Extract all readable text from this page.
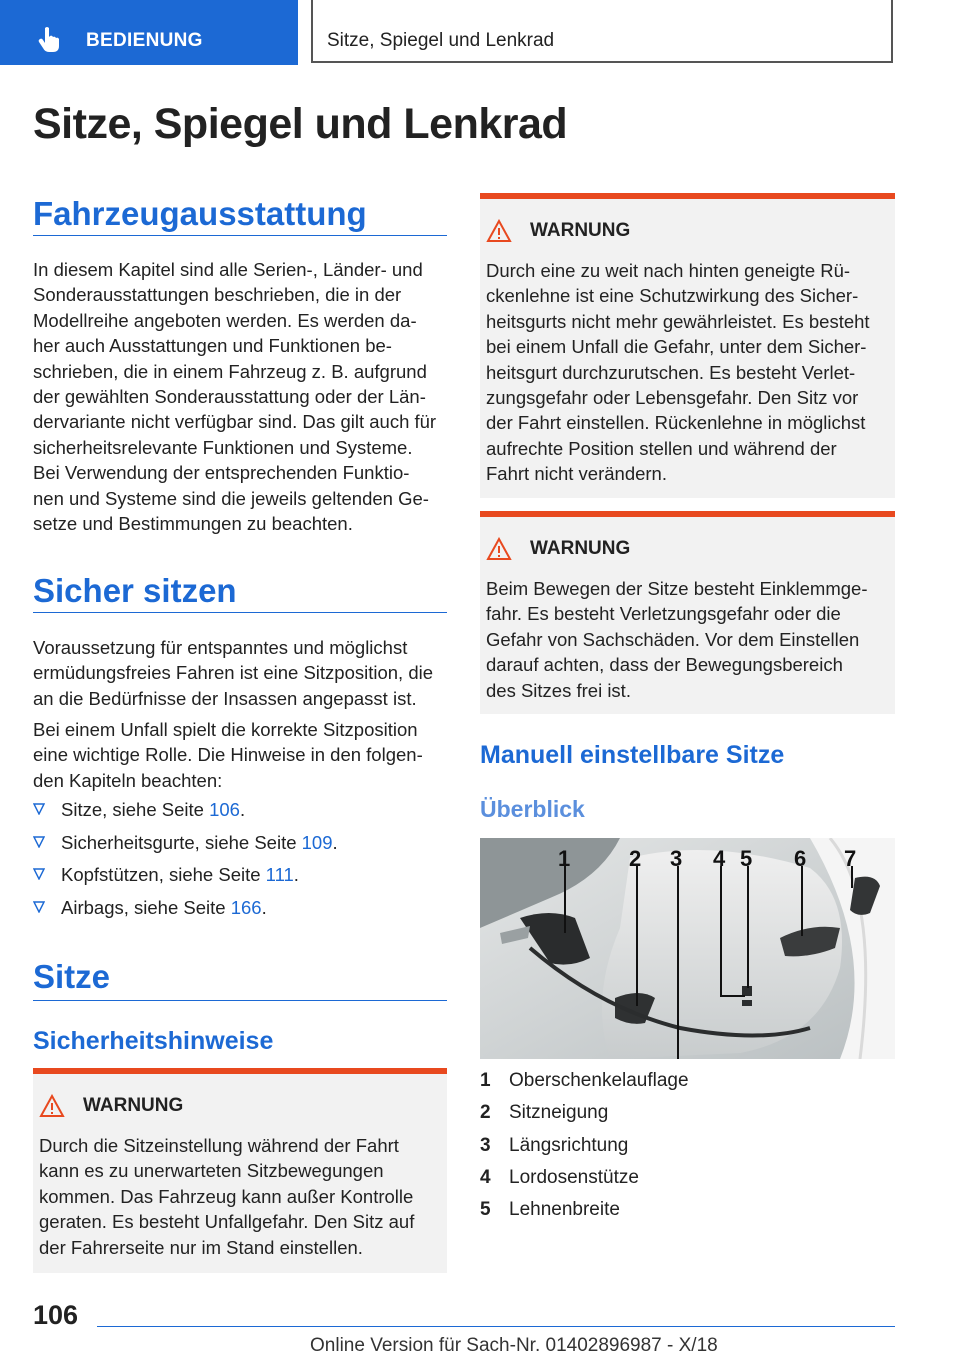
BEDIENUNG	Sitze, Spiegel und Lenkrad
Sitze, Spiegel und Lenkrad
Fahrzeugausstattung

In diesem Kapitel sind alle Serien-, Länder- und
Sonderausstattungen beschrieben, die in der
Modellreihe angeboten werden. Es werden da‐
her auch Ausstattungen und Funktionen be‐
schrieben, die in einem Fahrzeug z. B. aufgrund
der gewählten Sonderausstattung oder der Län‐
dervariante nicht verfügbar sind. Das gilt auch für
sicherheitsrelevante Funktionen und Systeme.
Bei Verwendung der entsprechenden Funktio‐
nen und Systeme sind die jeweils geltenden Ge‐
setze und Bestimmungen zu beachten.

Sicher sitzen

Voraussetzung für entspanntes und möglichst
ermüdungsfreies Fahren ist eine Sitzposition, die
an die Bedürfnisse der Insassen angepasst ist.

Bei einem Unfall spielt die korrekte Sitzposition
eine wichtige Rolle. Die Hinweise in den folgen‐
den Kapiteln beachten:

Sitze, siehe Seite 106.
Sicherheitsgurte, siehe Seite 109.
Kopfstützen, siehe Seite 111.
Airbags, siehe Seite 166.
Sitze
Sicherheitshinweise
WARNUNG

Durch die Sitzeinstellung während der Fahrt
kann es zu unerwarteten Sitzbewegungen
kommen. Das Fahrzeug kann außer Kontrolle
geraten. Es besteht Unfallgefahr. Den Sitz auf
der Fahrerseite nur im Stand einstellen.

WARNUNG

Durch eine zu weit nach hinten geneigte Rü‐
ckenlehne ist eine Schutzwirkung des Sicher‐
heitsgurts nicht mehr gewährleistet. Es besteht
bei einem Unfall die Gefahr, unter dem Sicher‐
heitsgurt durchzurutschen. Es besteht Verlet‐
zungsgefahr oder Lebensgefahr. Den Sitz vor
der Fahrt einstellen. Rückenlehne in möglichst
aufrechte Position stellen und während der
Fahrt nicht verändern.

WARNUNG

Beim Bewegen der Sitze besteht Einklemmge‐
fahr. Es besteht Verletzungsgefahr oder die
Gefahr von Sachschäden. Vor dem Einstellen
darauf achten, dass der Bewegungsbereich
des Sitzes frei ist.

Manuell einstellbare Sitze
Überblick
1	2 3 4 5 6 7
1 Oberschenkelauflage
2 Sitzneigung
3 Längsrichtung
4 Lordosenstütze
5 Lehnenbreite
106
Online Version für Sach-Nr. 01402896987 - X/18
